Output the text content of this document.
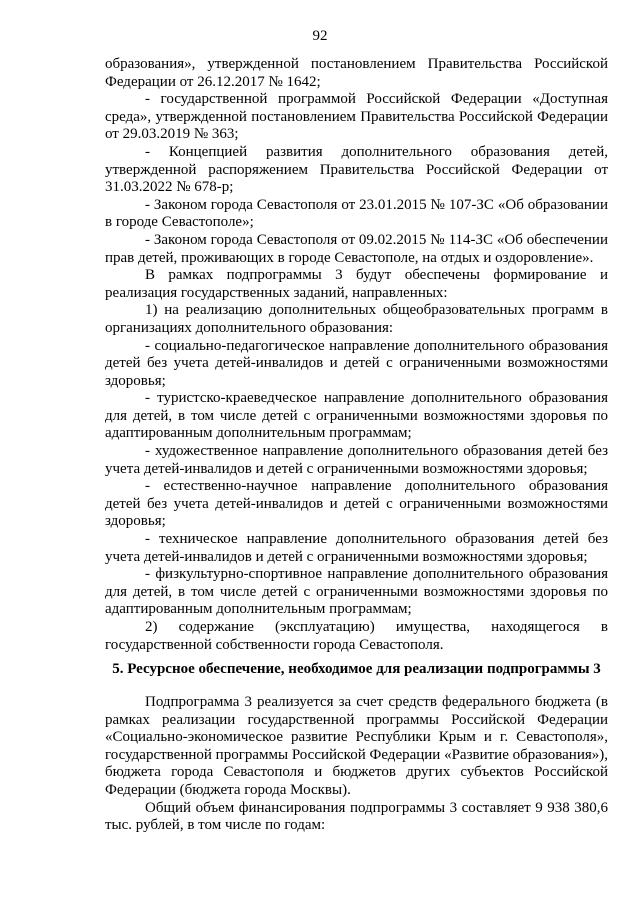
92

образования», утвержденной постановлением Правительства Российской Федерации от 26.12.2017 № 1642;

- государственной программой Российской Федерации «Доступная среда», утвержденной постановлением Правительства Российской Федерации от 29.03.2019 № 363;

- Концепцией развития дополнительного образования детей, утвержденной распоряжением Правительства Российской Федерации от 31.03.2022 № 678-р;

- Законом города Севастополя от 23.01.2015 № 107-ЗС «Об образовании в городе Севастополе»;

- Законом города Севастополя от 09.02.2015 № 114-ЗС «Об обеспечении прав детей, проживающих в городе Севастополе, на отдых и оздоровление».

В рамках подпрограммы 3 будут обеспечены формирование и реализация государственных заданий, направленных:

1) на реализацию дополнительных общеобразовательных программ в организациях дополнительного образования:

- социально-педагогическое направление дополнительного образования детей без учета детей-инвалидов и детей с ограниченными возможностями здоровья;

- туристско-краеведческое направление дополнительного образования для детей, в том числе детей с ограниченными возможностями здоровья по адаптированным дополнительным программам;

- художественное направление дополнительного образования детей без учета детей-инвалидов и детей с ограниченными возможностями здоровья;

- естественно-научное направление дополнительного образования детей без учета детей-инвалидов и детей с ограниченными возможностями здоровья;

- техническое направление дополнительного образования детей без учета детей-инвалидов и детей с ограниченными возможностями здоровья;

- физкультурно-спортивное направление дополнительного образования для детей, в том числе детей с ограниченными возможностями здоровья по адаптированным дополнительным программам;

2) содержание (эксплуатацию) имущества, находящегося в государственной собственности города Севастополя.

5. Ресурсное обеспечение, необходимое для реализации подпрограммы 3

Подпрограмма 3 реализуется за счет средств федерального бюджета (в рамках реализации государственной программы Российской Федерации «Социально-экономическое развитие Республики Крым и г. Севастополя», государственной программы Российской Федерации «Развитие образования»), бюджета города Севастополя и бюджетов других субъектов Российской Федерации (бюджета города Москвы).

Общий объем финансирования подпрограммы 3 составляет 9 938 380,6 тыс. рублей, в том числе по годам:
